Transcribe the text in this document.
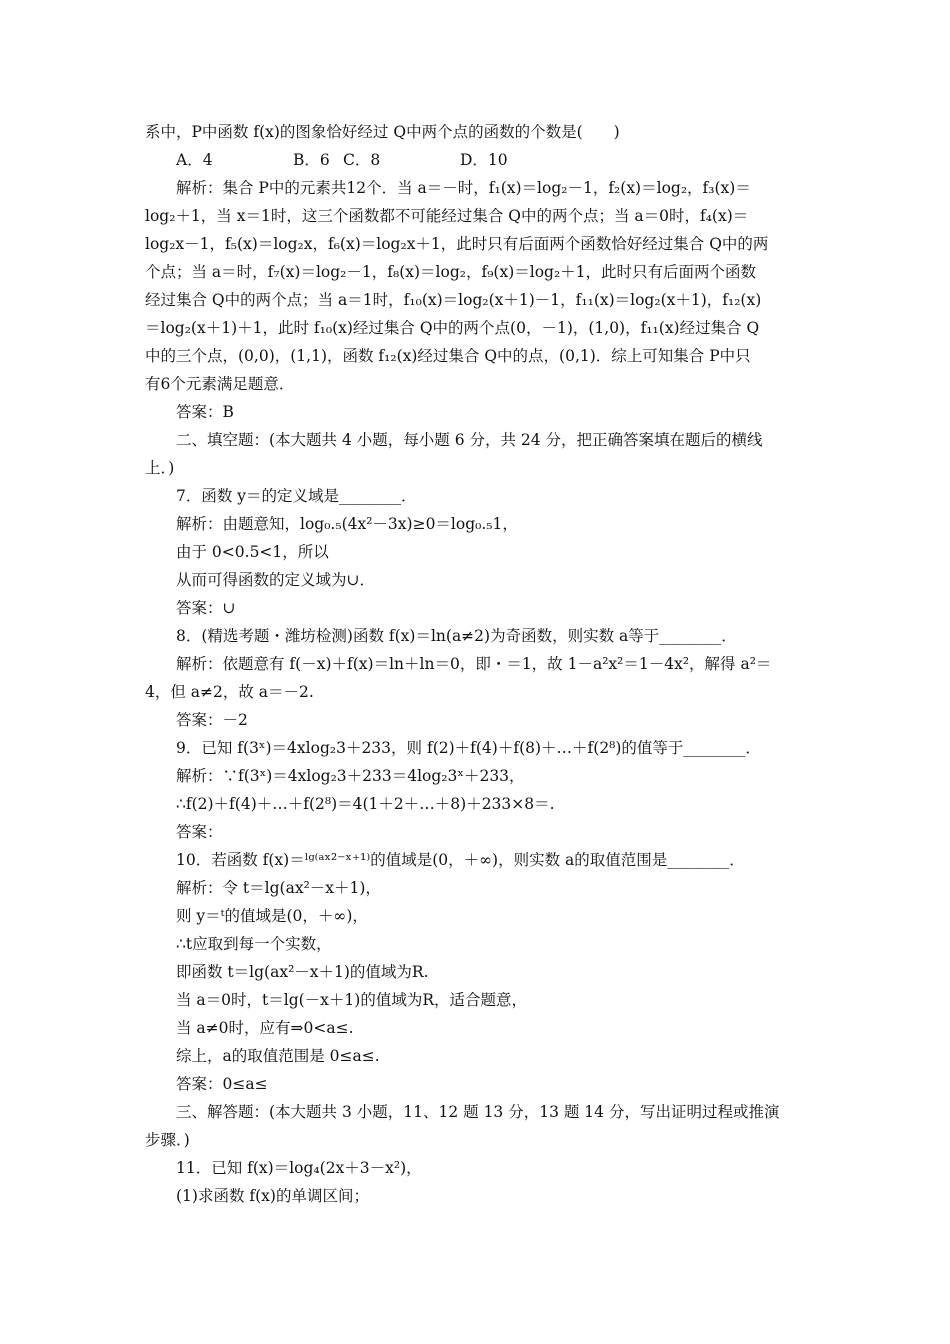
系中，P中函数 f(x)的图象恰好经过 Q中两个点的函数的个数是(　　)
解析：集合 P中的元素共12个．当 a＝－时，f₁(x)＝log₂－1，f₂(x)＝log₂，f₃(x)＝
log₂＋1，当 x＝1时，这三个函数都不可能经过集合 Q中的两个点；当 a＝0时，f₄(x)＝
log₂x－1，f₅(x)＝log₂x，f₆(x)＝log₂x＋1，此时只有后面两个函数恰好经过集合 Q中的两
个点；当 a＝时，f₇(x)＝log₂－1，f₈(x)＝log₂，f₉(x)＝log₂＋1，此时只有后面两个函数
经过集合 Q中的两个点；当 a＝1时，f₁₀(x)＝log₂(x＋1)－1，f₁₁(x)＝log₂(x＋1)，f₁₂(x)
＝log₂(x＋1)＋1，此时 f₁₀(x)经过集合 Q中的两个点(0，－1)，(1,0)，f₁₁(x)经过集合 Q
中的三个点，(0,0)，(1,1)，函数 f₁₂(x)经过集合 Q中的点，(0,1)．综上可知集合 P中只
有6个元素满足题意．
答案：B
二、填空题：(本大题共 4 小题，每小题 6 分，共 24 分，把正确答案填在题后的横线
上．)
7．函数 y＝的定义域是________．
解析：由题意知，log₀.₅(4x²－3x)≥0＝log₀.₅1，
由于 0<0.5<1，所以
从而可得函数的定义域为∪．
答案：∪
8．(精选考题・潍坊检测)函数 f(x)＝ln(a≠2)为奇函数，则实数 a等于________．
解析：依题意有 f(－x)＋f(x)＝ln＋ln＝0，即・＝1，故 1－a²x²＝1－4x²，解得 a²＝
4，但 a≠2，故 a＝－2.
答案：－2
9．已知 f(3ˣ)＝4xlog₂3＋233，则 f(2)＋f(4)＋f(8)＋…＋f(2⁸)的值等于________．
解析：∵f(3ˣ)＝4xlog₂3＋233＝4log₂3ˣ＋233，
∴f(2)＋f(4)＋…＋f(2⁸)＝4(1＋2＋…＋8)＋233×8＝.
答案：
10．若函数 f(x)＝ˡᵍ⁽ᵃˣ²⁻ˣ⁺¹⁾的值域是(0，＋∞)，则实数 a的取值范围是________．
解析：令 t＝lg(ax²－x＋1)，
则 y＝ᵗ的值域是(0，＋∞)，
∴t应取到每一个实数，
即函数 t＝lg(ax²－x＋1)的值域为R.
当 a＝0时，t＝lg(－x＋1)的值域为R，适合题意，
当 a≠0时，应有⇒0<a≤.
综上，a的取值范围是 0≤a≤.
答案：0≤a≤
三、解答题：(本大题共 3 小题，11、12 题 13 分，13 题 14 分，写出证明过程或推演
步骤．)
11．已知 f(x)＝log₄(2x＋3－x²)，
(1)求函数 f(x)的单调区间；
A．4	B．6 C．8	D．10
